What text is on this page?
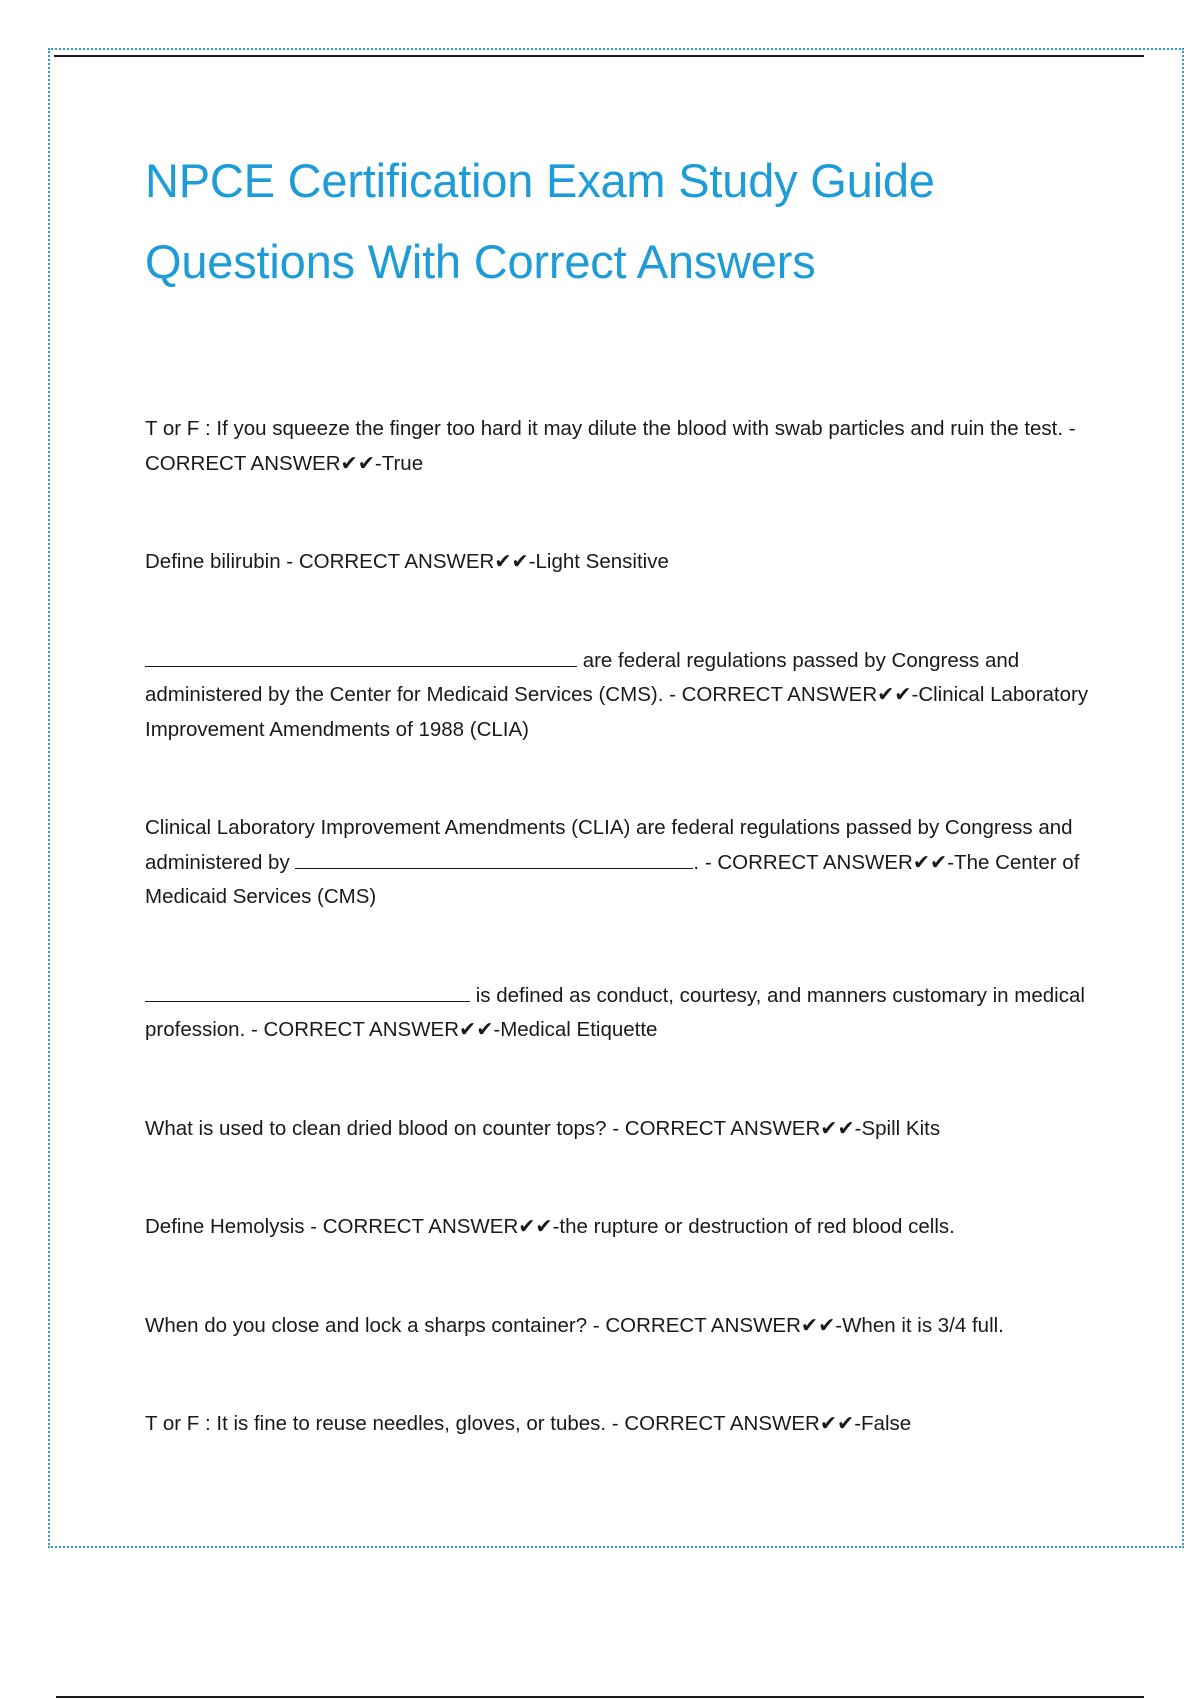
NPCE Certification Exam Study Guide
Questions With Correct Answers

T or F : If you squeeze the finger too hard it may dilute the blood with swab particles and ruin the test. - CORRECT ANSWER✔✔-True

Define bilirubin - CORRECT ANSWER✔✔-Light Sensitive

are federal regulations passed by Congress and administered by the Center for Medicaid Services (CMS). - CORRECT ANSWER✔✔-Clinical Laboratory Improvement Amendments of 1988 (CLIA)

Clinical Laboratory Improvement Amendments (CLIA) are federal regulations passed by Congress and administered by	. - CORRECT ANSWER✔✔-The Center of Medicaid Services (CMS)

is defined as conduct, courtesy, and manners customary in medical profession. - CORRECT ANSWER✔✔-Medical Etiquette

What is used to clean dried blood on counter tops? - CORRECT ANSWER✔✔-Spill Kits

Define Hemolysis - CORRECT ANSWER✔✔-the rupture or destruction of red blood cells.

When do you close and lock a sharps container? - CORRECT ANSWER✔✔-When it is 3/4 full.

T or F : It is fine to reuse needles, gloves, or tubes. - CORRECT ANSWER✔✔-False
